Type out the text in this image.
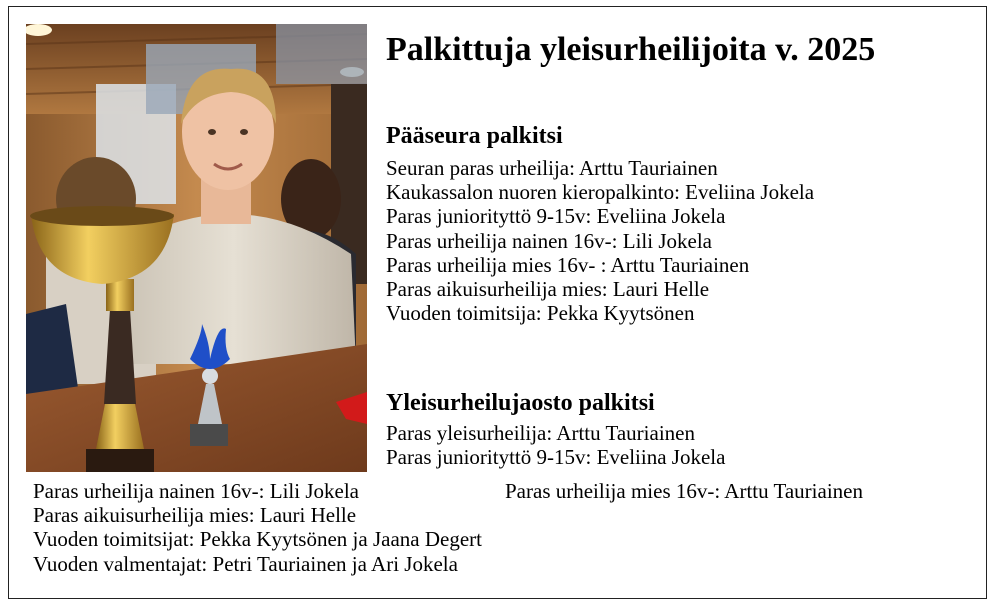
Palkittuja yleisurheilijoita v. 2025
Pääseura palkitsi
Seuran paras urheilija: Arttu Tauriainen
Kaukassalon nuoren kieropalkinto: Eveliina Jokela
Paras juniorityttö 9-15v: Eveliina Jokela
Paras urheilija nainen 16v-: Lili Jokela
Paras urheilija mies 16v- : Arttu Tauriainen
Paras aikuisurheilija mies: Lauri Helle
Vuoden toimitsija: Pekka Kyytsönen
Yleisurheilujaosto palkitsi
Paras yleisurheilija: Arttu Tauriainen
Paras juniorityttö 9-15v: Eveliina Jokela
Paras urheilija nainen 16v-: Lili Jokela
Paras aikuisurheilija mies: Lauri Helle
Vuoden toimitsijat: Pekka Kyytsönen ja Jaana Degert
Vuoden valmentajat: Petri Tauriainen ja Ari Jokela
Paras urheilija mies 16v-: Arttu Tauriainen
